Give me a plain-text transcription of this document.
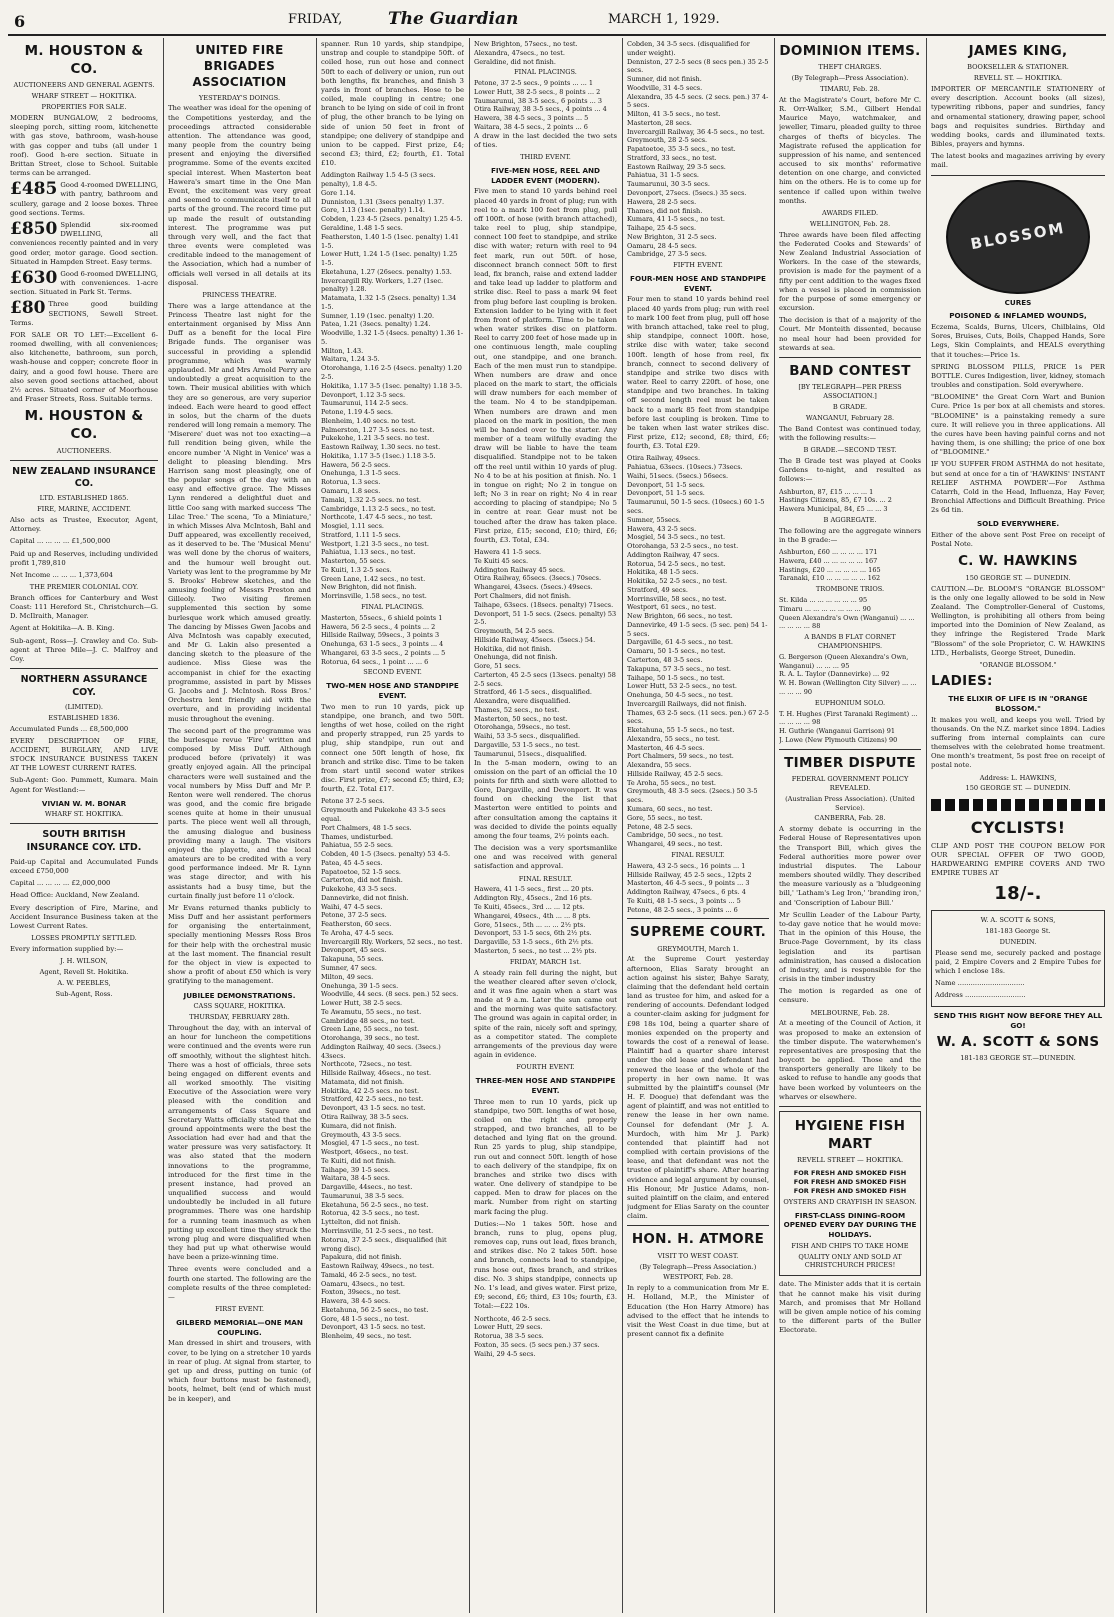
6	FRIDAY,	The Guardian	MARCH 1, 1929.
M. HOUSTON & CO.
AUCTIONEERS AND GENERAL AGENTS.
WHARF STREET — HOKITIKA.
PROPERTIES FOR SALE.

MODERN BUNGALOW, 2 bedrooms, sleeping porch, sitting room, kitchenette with gas stove, bathroom, wash-house with gas copper and tubs (all under 1 roof). Good h-ere section. Situate in Brittan Street, close to School. Suitable terms can be arranged.

£485 Good 4-roomed DWELLING, with pantry, bathroom and scullery, garage and 2 loose boxes. Three good sections. Terms.

£850 Splendid six-roomed DWELLING, all conveniences recently painted and in very good order, motor garage. Good section. Situated in Hampden Street. Easy terms.

£630 Good 6-roomed DWELLING, with conveniences. 1-acre section. Situated in Park St. Terms.

£80 Three good building SECTIONS, Sewell Street. Terms.

FOR SALE OR TO LET:—Excellent 6-roomed dwelling, with all conveniences; also kitchenette, bathroom, sun porch, wash-house and copper; concrete floor in dairy, and a good fowl house. There are also seven good sections attached, about 2½ acres. Situated corner of Moorhouse and Fraser Streets, Ross. Suitable terms.

M. HOUSTON & CO.
AUCTIONEERS.
NEW ZEALAND INSURANCE CO.
LTD. ESTABLISHED 1865.
FIRE, MARINE, ACCIDENT.

Also acts as Trustee, Executor, Agent, Attorney.

Capital ... ... ... ... £1,500,000

Paid up and Reserves, including undivided profit 1,789,810

Net Income ... ... ... 1,373,604

THE PREMIER COLONIAL COY.

Branch offices for Canterbury and West Coast: 111 Hereford St., Christchurch—G. D. McIlraith, Manager.

Agent at Hokitika—A. B. King.

Sub-agent, Ross—J. Crawley and Co. Sub-agent at Three Mile—J. C. Malfroy and Coy.

NORTHERN ASSURANCE COY.
(LIMITED).
ESTABLISHED 1836.

Accumulated Funds ... £8,500,000

EVERY DESCRIPTION OF FIRE, ACCIDENT, BURGLARY, AND LIVE STOCK INSURANCE BUSINESS TAKEN AT THE LOWEST CURRENT RATES.

Sub-Agent: Goo. Pummett, Kumara. Main Agent for Westland:—

VIVIAN W. M. BONAR
WHARF ST. HOKITIKA.
SOUTH BRITISH INSURANCE COY. LTD.

Paid-up Capital and Accumulated Funds exceed £750,000

Capital ... ... ... ... £2,000,000

Head Office: Auckland, New Zealand.

Every description of Fire, Marine, and Accident Insurance Business taken at the Lowest Current Rates.

LOSSES PROMPTLY SETTLED.

Every information supplied by:—

J. H. WILSON,
Agent, Revell St. Hokitika.
A. W. PEEBLES,
Sub-Agent, Ross.
UNITED FIRE BRIGADES ASSOCIATION
YESTERDAY'S DOINGS.

The weather was ideal for the opening of the Competitions yesterday, and the proceedings attracted considerable attention. The attendance was good, many people from the country being present and enjoying the diversified programme. Some of the events excited special interest. When Masterton beat Hawera's smart time in the One Man Event, the excitement was very great and seemed to communicate itself to all parts of the ground. The record time put up made the result of outstanding interest. The programme was put through very well, and the fact that three events were completed was creditable indeed to the management of the Association, which had a number of officials well versed in all details at its disposal.

PRINCESS THEATRE.

There was a large attendance at the Princess Theatre last night for the entertainment organised by Miss Ann Duff as a benefit for the local Fire Brigade funds. The organiser was successful in providing a splendid programme, which was warmly applauded. Mr and Mrs Arnold Perry are undoubtedly a great acquisition to the town. Their musical abilities with which they are so generous, are very superior indeed. Each were heard to good effect in solos, but the charm of the duets rendered will long remain a memory. The 'Miserere' duet was not too exacting—a full rendition being given, while the encore number 'A Night in Venice' was a delight to pleasing blending. Mrs Harrison sang most pleasingly, one of the popular songs of the day with an easy and effective grace. The Misses Lynn rendered a delightful duet and little Coo sang with marked success 'The Lilac Tree.' The scena, 'To a Miniature,' in which Misses Alva McIntosh, Bahl and Duff appeared, was excellently received, as it deserved to be. The 'Musical Menu' was well done by the chorus of waiters, and the humour well brought out. Variety was lent to the programme by Mr S. Brooks' Hebrew sketches, and the amusing fooling of Messrs Preston and Gilleoly. Two visiting firemen supplemented this section by some burlesque work which amused greatly. The dancing by Misses Gwen Jacobs and Alva McIntosh was capably executed, and Mr G. Lakin also presented a dancing sketch to the pleasure of the audience. Miss Giese was the accompanist in chief for the exacting programme, assisted in part by Misses G. Jacobs and J. McIntosh. Ross Bros.' Orchestra lent friendly aid with the overture, and in providing incidental music throughout the evening.

The second part of the programme was the burlesque revue 'Fire' written and composed by Miss Duff. Although produced before (privately) it was greatly enjoyed again. All the principal characters were well sustained and the vocal numbers by Miss Duff and Mr P. Renton were well rendered. The chorus was good, and the comic fire brigade scenes quite at home in their unusual parts. The piece went well all through, the amusing dialogue and business providing many a laugh. The visitors enjoyed the playette, and the local amateurs are to be credited with a very good performance indeed. Mr R. Lynn was stage director, and with his assistants had a busy time, but the curtain finally just before 11 o'clock.

Mr Evans returned thanks publicly to Miss Duff and her assistant performers for organising the entertainment, specially mentioning Messrs Ross Bros for their help with the orchestral music at the last moment. The financial result for the object in view is expected to show a profit of about £50 which is very gratifying to the management.

JUBILEE DEMONSTRATIONS.
CASS SQUARE, HOKITIKA.
THURSDAY, FEBRUARY 28th.

Throughout the day, with an interval of an hour for luncheon the competitions were continued and the events were run off smoothly, without the slightest hitch. There was a host of officials, three sets being engaged on different events and all worked smoothly. The visiting Executive of the Association were very pleased with the condition and arrangements of Cass Square and Secretary Watts officially stated that the ground appointments were the best the Association had ever had and that the water pressure was very satisfactory. It was also stated that the modern innovations to the programme, introduced for the first time in the present instance, had proved an unqualified success and would undoubtedly be included in all future programmes. There was one hardship for a running team inasmuch as when putting up excellent time they struck the wrong plug and were disqualified when they had put up what otherwise would have been a prize-winning time.

Three events were concluded and a fourth one started. The following are the complete results of the three completed:—

FIRST EVENT.
GILBERD MEMORIAL—ONE MAN COUPLING.

Man dressed in shirt and trousers, with cover, to be lying on a stretcher 10 yards in rear of plug. At signal from starter, to get up and dress, putting on tunic (of which four buttons must be fastened), boots, helmet, belt (end of which must be in keeper), and

spanner. Run 10 yards, ship standpipe, unstrap and couple to standpipe 50ft. of coiled hose, run out hose and connect 50ft to each of delivery or union, run out both lengths, fix branches, and finish 3 yards in front of branches. Hose to be coiled, male coupling in centre; one branch to be lying on side of coil in front of plug, the other branch to be lying on side of union 50 feet in front of standpipe; one delivery of standpipe and union to be capped. First prize, £4; second £3; third, £2; fourth, £1. Total £10.

Addington Railway 1.5 4-5 (3 secs. penalty), 1.8 4-5.
Gore 1.14.
Dunniston, 1.31 (3secs penalty) 1.37.
Gore, 1.13 (1sec. penalty) 1.14.
Cobden, 1.23 4-5 (2secs. penalty) 1.25 4-5.
Geraldine, 1.48 1-5 secs.
Featherston, 1.40 1-5 (1sec. penalty) 1.41 1-5.
Lower Hutt, 1.24 1-5 (1sec. penalty) 1.25 1-5.
Eketahuna, 1.27 (26secs. penalty) 1.53.
Invercargill Rly. Workers, 1.27 (1sec. penalty) 1.28.
Matamata, 1.32 1-5 (2secs. penalty) 1.34 1-5.
Sumner, 1.19 (1sec. penalty) 1.20.
Patea, 1.21 (3secs. penalty) 1.24.
Woodville, 1.32 1-5 (4secs. penalty) 1.36 1-5.
Milton, 1.43.
Waitara, 1.24 3-5.
Otorohanga, 1.16 2-5 (4secs. penalty) 1.20 2-5.
Hokitika, 1.17 3-5 (1sec. penalty) 1.18 3-5.
Devonport, 1.12 3-5 secs.
Taumarunui, 114 2-5 secs.
Petone, 1.19 4-5 secs.
Blenheim, 1.40 secs. no test.
Palmerston, 1.27 3-5 secs. no test.
Pukekohe, 1.21 3-5 secs. no test.
Eastown Railway, 1.30 secs. no test.
Hokitika, 1.17 3-5 (1sec.) 1.18 3-5.
Hawera, 56 2-5 secs.
Onehunga, 1.3 1-5 secs.
Rotorua, 1.3 secs.
Oamaru, 1.8 secs.
Tamaki, 1.32 2-5 secs. no test.
Cambridge, 1.13 2-5 secs., no test.
Northcote, 1.47 4-5 secs., no test.
Mosgiel, 1.11 secs.
Stratford, 1.11 1-5 secs.
Westport, 1.21 3-5 secs., no test.
Pahiatua, 1.13 secs., no test.
Masterton, 55 secs.
Te Kuiti, 1.3 2-5 secs.
Green Lane, 1.42 secs., no test.
New Brighton, did not finish.
Morrinsville, 1.58 secs., no test.
FINAL PLACINGS.
Masterton, 55secs., 6 shield points 1
Hawera, 56 2-5 secs., 4 points ... 2
Hillside Railway, 59secs., 3 points 3
Onehunga, 63 1-5 secs., 3 points ... 4
Whangarei, 63 3-5 secs., 2 points ... 5
Rotorua, 64 secs., 1 point ... ... 6
SECOND EVENT.
TWO-MEN HOSE AND STANDPIPE EVENT.

Two men to run 10 yards, pick up standpipe, one branch, and two 50ft. lengths of wet hose, coiled on the right and properly strapped, run 25 yards to plug, ship standpipe, run out and connect one 50ft length of hose, fix branch and strike disc. Time to be taken from start until second water strikes disc. First prize, £7; second £5; third, £3; fourth, £2. Total £17.

Petone 37 2-5 secs.
Greymouth and Pukekohe 43 3-5 secs equal.
Port Chalmers, 48 1-5 secs.
Thames, undisturbed.
Pahiatua, 55 2-5 secs.
Cobden, 40 1-5 (3secs. penalty) 53 4-5.
Patea, 45 4-5 secs.
Papatoetoe, 52 1-5 secs.
Carterton, did not finish.
Pukekohe, 43 3-5 secs.
Dannevirke, did not finish.
Waihi, 47 4-5 secs.
Petone, 37 2-5 secs.
Featherston, 60 secs.
Te Aroha, 47 4-5 secs.
Invercargill Rly. Workers, 52 secs., no test.
Devonport, 45 secs.
Takapuna, 55 secs.
Sumner, 47 secs.
Milton, 49 secs.
Onehunga, 39 1-5 secs.
Woodville, 44 secs. (8 secs. pen.) 52 secs.
Lower Hutt, 38 2-5 secs.
Te Awamutu, 55 secs., no test.
Cambridge 48 secs., no test.
Green Lane, 55 secs., no test.
Otorohanga, 39 secs., no test.
Addington Railway, 40 secs. (3secs.) 43secs.
Northcote, 72secs., no test.
Hillside Railway, 46secs., no test.
Matamata, did not finish.
Hokitika, 42 2-5 secs. no test.
Stratford, 42 2-5 secs., no test.
Devonport, 43 1-5 secs. no test.
Otira Railway, 38 3-5 secs.
Kumara, did not finish.
Greymouth, 43 3-5 secs.
Mosgiel, 47 1-5 secs., no test.
Westport, 46secs., no test.
Te Kuiti, did not finish.
Taihape, 39 1-5 secs.
Waitara, 38 4-5 secs.
Dargaville, 44secs., no test.
Taumarunui, 38 3-5 secs.
Eketahuna, 56 2-5 secs., no test.
Rotorua, 42 3-5 secs., no test.
Lyttelton, did not finish.
Morrinsville, 51 2-5 secs., no test.
Rotorua, 37 2-5 secs., disqualified (hit wrong disc).
Papakura, did not finish.
Eastown Railway, 49secs., no test.
Tamaki, 46 2-5 secs., no test.
Oamaru, 43secs., no test.
Foxton, 39secs., no test.
Hawera, 38 4-5 secs.
Eketahuna, 56 2-5 secs., no test.
Gore, 48 1-5 secs., no test.
Devonport, 43 1-5 secs. no test.
Blenheim, 49 secs., no test.
New Brighton, 57secs., no test.
Alexandra, 47secs., no test.
Geraldine, did not finish.
FINAL PLACINGS.
Petone, 37 2-5 secs., 9 points ... ... 1
Lower Hutt, 38 2-5 secs., 8 points ... 2
Taumarunui, 38 3-5 secs., 6 points ... 3
Otira Railway, 38 3-5 secs., 4 points ... 4
Hawera, 38 4-5 secs., 3 points ... 5
Waitara, 38 4-5 secs., 2 points ... 6

A draw in the last decided the two sets of ties.

THIRD EVENT.
FIVE-MEN HOSE, REEL AND LADDER EVENT (MODERN).

Five men to stand 10 yards behind reel placed 40 yards in front of plug; run with reel to a mark 100 feet from plug, pull off 100ft. of hose (with branch attached), take reel to plug, ship standpipe, connect 100 feet to standpipe, and strike disc with water; return with reel to 94 feet mark, run out 50ft. of hose, disconnect branch connect 50ft to first lead, fix branch, raise and extend ladder and take lead up ladder to platform and strike disc. Reel to pass a mark 94 feet from plug before last coupling is broken. Extension ladder to be lying with it feet from front of platform. Time to be taken when water strikes disc on platform. Reel to carry 200 feet of hose made up in one continuous length, male coupling out, one standpipe, and one branch. Each of the men must run to standpipe. When numbers are draw and once placed on the mark to start, the officials will draw numbers for each member of the team. No 4 to be standpipeman. When numbers are drawn and men placed on the mark in position, the men will be handed over to the starter. Any member of a team wilfully evading the draw will be liable to have the team disqualified. Standpipe not to be taken off the reel until within 10 yards of plug. No 4 to be at his position at finish. No. 1 in tongue on right; No 2 in tongue on left; No 3 in rear on right; No 4 in rear according to placing of standpipe; No 5 in centre at rear. Gear must not be touched after the draw has taken place. First prize, £15; second, £10; third, £6; fourth, £3. Total, £34.

Hawera 41 1-5 secs.
Te Kuiti 45 secs.
Addington Railway 45 secs.
Otira Railway, 65secs. (3secs.) 70secs.
Whangarei, 43secs. (5secs.) 49secs.
Port Chalmers, did not finish.
Taihape, 63secs. (18secs. penalty) 71secs.
Devonport, 51 1-5 secs. (2secs. penalty) 53 2-5.
Greymouth, 54 2-5 secs.
Hillside Railway, 45secs. (5secs.) 54.
Hokitika, did not finish.
Onehunga, did not finish.
Gore, 51 secs.
Carterton, 45 2-5 secs (13secs. penalty) 58 2-5 secs.
Stratford, 46 1-5 secs., disqualified.
Alexandra, were disqualified.
Thames, 52 secs., no test.
Masterton, 50 secs., no test.
Otorohanga, 59secs., no test.
Waihi, 53 3-5 secs., disqualified.
Dargaville, 53 1-5 secs., no test.
Taumarunui, 51secs., disqualified.

In the 5-man modern, owing to an omission on the part of an official the 10 points for fifth and sixth were allotted to Gore, Dargaville, and Devonport. It was found on checking the list that Masterton were entitled to points and after consultation among the captains it was decided to divide the points equally among the four teams, 2½ points each.

The decision was a very sportsmanlike one and was received with general satisfaction and approval.

FINAL RESULT.
Hawera, 41 1-5 secs., first ... 20 pts.
Addington Rly., 45secs., 2nd 16 pts.
Te Kuiti, 45secs., 3rd ... ... 12 pts.
Whangarei, 49secs., 4th ... ... 8 pts.
Gore, 51secs., 5th ... ... ... 2½ pts.
Devonport, 53 1-5 secs, 6th 2½ pts.
Dargaville, 53 1-5 secs., 6th 2½ pts.
Masterton, 5 secs., no test ... 2½ pts.
FRIDAY, MARCH 1st.

A steady rain fell during the night, but the weather cleared after seven o'clock, and it was fine again when a start was made at 9 a.m. Later the sun came out and the morning was quite satisfactory. The ground was again in capital order, in spite of the rain, nicely soft and springy, as a competitor stated. The complete arrangements of the previous day were again in evidence.

FOURTH EVENT.
THREE-MEN HOSE AND STANDPIPE EVENT.

Three men to run 10 yards, pick up standpipe, two 50ft. lengths of wet hose, coiled on the right and properly strapped, and two branches, all to be detached and lying flat on the ground. Run 25 yards to plug, ship standpipe, run out and connect 50ft. length of hose to each delivery of the standpipe, fix on branches and strike two discs with water. One delivery of standpipe to be capped. Men to draw for places on the mark. Number from right on starting mark facing the plug.

Duties:—No 1 takes 50ft. hose and branch, runs to plug, opens plug, removes cap, runs out lead, fixes branch, and strikes disc. No 2 takes 50ft. hose and branch, connects lead to standpipe, runs hose out, fixes branch, and strikes disc. No. 3 ships standpipe, connects up No. 1's lead, and gives water. First prize, £9; second, £6; third, £3 10s; fourth, £3. Total:—£22 10s.

Northcote, 46 2-5 secs.
Lower Hutt, 29 secs.
Rotorua, 38 3-5 secs.
Foxton, 35 secs. (5 secs pen.) 37 secs.
Waihi, 29 4-5 secs.
Cobden, 34 3-5 secs. (disqualified for under weight).
Denniston, 27 2-5 secs (8 secs pen.) 35 2-5 secs.
Sumner, did not finish.
Woodville, 31 4-5 secs.
Alexandra, 35 4-5 secs. (2 secs. pen.) 37 4-5 secs.
Milton, 41 3-5 secs., no test.
Masterton, 28 secs.
Invercargill Railway, 36 4-5 secs., no test.
Greymouth, 28 2-5 secs.
Papatoetoe, 35 3-5 secs., no test.
Stratford, 33 secs., no test.
Eastown Railway, 29 3-5 secs.
Pahiatua, 31 1-5 secs.
Taumarunui, 30 3-5 secs.
Devonport, 27secs. (5secs.) 35 secs.
Hawera, 28 2-5 secs.
Thames, did not finish.
Kumara, 41 1-5 secs., no test.
Taihape, 25 4-5 secs.
New Brighton, 31 2-5 secs.
Oamaru, 28 4-5 secs.
Cambridge, 27 3-5 secs.
FIFTH EVENT.
FOUR-MEN HOSE AND STANDPIPE EVENT.

Four men to stand 10 yards behind reel placed 40 yards from plug; run with reel to mark 100 feet from plug, pull off hose with branch attached, take reel to plug, ship standpipe, connect 100ft. hose, strike disc with water, take second 100ft. length of hose from reel, fix branch, connect to second delivery of standpipe and strike two discs with water. Reel to carry 220ft. of hose, one standpipe and two branches. In taking off second length reel must be taken back to a mark 85 feet from standpipe before last coupling is broken. Time to be taken when last water strikes disc. First prize, £12; second, £8; third, £6; fourth, £3. Total £29.

Otira Railway, 49secs.
Pahiatua, 63secs. (10secs.) 73secs.
Waihi, 51secs. (5secs.) 56secs.
Devonport, 51 1-5 secs.
Devonport, 51 1-5 secs.
Taumarunui, 50 1-5 secs. (10secs.) 60 1-5 secs.
Sumner, 55secs.
Hawera, 43 2-5 secs.
Mosgiel, 54 3-5 secs., no test.
Otorohanga, 53 2-5 secs., no test.
Addington Railway, 47 secs.
Rotorua, 54 2-5 secs., no test.
Hokitika, 48 1-5 secs.
Hokitika, 52 2-5 secs., no test.
Stratford, 49 secs.
Morrinsville, 58 secs., no test.
Westport, 61 secs., no test.
New Brighton, 66 secs., no test.
Dannevirke, 49 1-5 secs. (5 sec. pen) 54 1-5 secs.
Dargaville, 61 4-5 secs., no test.
Oamaru, 50 1-5 secs., no test.
Carterton, 48 3-5 secs.
Takapuna, 57 3-5 secs., no test.
Taihape, 50 1-5 secs., no test.
Lower Hutt, 53 2-5 secs., no test.
Onehunga, 50 4-5 secs., no test.
Invercargill Railways, did not finish.
Thames, 63 2-5 secs. (11 secs. pen.) 67 2-5 secs.
Eketahuna, 55 1-5 secs., no test.
Alexandra, 55 secs., no test.
Masterton, 46 4-5 secs.
Port Chalmers, 59 secs., no test.
Alexandra, 55 secs.
Hillside Railway, 45 2-5 secs.
Te Aroha, 55 secs., no test.
Greymouth, 48 3-5 secs. (2secs.) 50 3-5 secs.
Kumara, 60 secs., no test.
Gore, 55 secs., no test.
Petone, 48 2-5 secs.
Cambridge, 50 secs., no test.
Whangarei, 49 secs., no test.
FINAL RESULT.
Hawera, 43 2-5 secs., 16 points ... 1
Hillside Railway, 45 2-5 secs., 12pts 2
Masterton, 46 4-5 secs., 9 points ... 3
Addington Railway, 47secs., 6 pts. 4
Te Kuiti, 48 1-5 secs., 3 points ... 5
Petone, 48 2-5 secs., 3 points ... 6
SUPREME COURT.
GREYMOUTH, March 1.

At the Supreme Court yesterday afternoon, Elias Saraty brought an action against his sister, Bahye Saraty, claiming that the defendant held certain land as trustee for him, and asked for a rendering of accounts. Defendant lodged a counter-claim asking for judgment for £98 18s 10d, being a quarter share of monies expended on the property and towards the cost of a renewal of lease. Plaintiff had a quarter share interest under the old lease and defendant had renewed the lease of the whole of the property in her own name. It was submitted by the plaintiff's counsel (Mr H. F. Doogue) that defendant was the agent of plaintiff, and was not entitled to renew the lease in her own name. Counsel for defendant (Mr J. A. Murdoch, with him Mr J. Park) contended that plaintiff had not complied with certain provisions of the lease, and that defendant was not the trustee of plaintiff's share. After hearing evidence and legal argument by counsel, His Honour, Mr Justice Adams, non-suited plaintiff on the claim, and entered judgment for Elias Saraty on the counter claim.

HON. H. ATMORE
VISIT TO WEST COAST.
(By Telegraph—Press Association.)
WESTPORT, Feb. 28.

In reply to a communication from Mr E. H. Holland, M.P., the Minister of Education (the Hon Harry Atmore) has advised to the effect that he intends to visit the West Coast in due time, but at present cannot fix a definite

DOMINION ITEMS.
THEFT CHARGES.
(By Telegraph—Press Association).
TIMARU, Feb. 28.

At the Magistrate's Court, before Mr C. R. Orr-Walker, S.M., Gilbert Hendal Maurice Mayo, watchmaker, and jeweller, Timaru, pleaded guilty to three charges of thefts of bicycles. The Magistrate refused the application for suppression of his name, and sentenced accused to six months' reformative detention on one charge, and convicted him on the others. He is to come up for sentence if called upon within twelve months.

AWARDS FILED.
WELLINGTON, Feb. 28.

Three awards have been filed affecting the Federated Cooks and Stewards' of New Zealand Industrial Association of Workers. In the case of the stewards, provision is made for the payment of a fifty per cent addition to the wages fixed when a vessel is placed in commission for the purpose of some emergency or excursion.

The decision is that of a majority of the Court. Mr Monteith dissented, because no meal hour had been provided for stewards at sea.

BAND CONTEST
[BY TELEGRAPH—PER PRESS ASSOCIATION.]
B GRADE.
WANGANUI, February 28.

The Band Contest was continued today, with the following results:—

B GRADE.—SECOND TEST.

The B Grade test was played at Cooks Gardens to-night, and resulted as follows:—

Ashburton, 87, £15 ... ... ... 1
Hastings Citizens, 85, £7 10s. ... 2
Hawera Municipal, 84, £5 ... ... 3
B AGGREGATE.

The following are the aggregate winners in the B grade:—

Ashburton, £60 ... ... ... ... 171
Hawera, £40 ... ... ... ... ... 167
Hastings, £20 ... ... ... ... ... 165
Taranaki, £10 ... ... ... ... ... 162
TROMBONE TRIOS.
St. Kilda ... ... ... ... ... ... 95
Timaru ... ... ... ... ... ... ... 90
Queen Alexandra's Own (Wanganui) ... ... ... ... ... ... 88
A BANDS B FLAT CORNET CHAMPIONSHIPS.
G. Bergerson (Queen Alexandra's Own, Wanganui) ... ... ... 95
R. A. L. Taylor (Dannevirke) ... 92
W. H. Bowan (Wellington City Silver) ... ... ... ... ... 90
EUPHONIUM SOLO.
T. H. Hughes (First Taranaki Regiment) ... ... ... ... ... 98
H. Guthrie (Wanganui Garrison) 91
J. Lowe (New Plymouth Citizens) 90
TIMBER DISPUTE
FEDERAL GOVERNMENT POLICY REVEALED.
(Australian Press Association). (United Service).
CANBERRA, Feb. 28.

A stormy debate is occurring in the Federal House of Representatives upon the Transport Bill, which gives the Federal authorities more power over industrial disputes. The Labour members shouted wildly. They described the measure variously as a 'bludgeoning bill,' 'Latham's Leg Iron,' 'branding iron,' and 'Conscription of Labour Bill.'

Mr Scullin Leader of the Labour Party, to-day gave notice that he would move: That in the opinion of this House, the Bruce-Page Government, by its class legislation and its partisan administration, has caused a dislocation of industry, and is responsible for the crisis in the timber industry

The motion is regarded as one of censure.

MELBOURNE, Feb. 28.

At a meeting of the Council of Action, it was proposed to make an extension of the timber dispute. The waterwhemen's representatives are prosposing that the boycott be applied. Those and the transporters generally are likely to be asked to refuse to handle any goods that have been worked by volunteers on the wharves or elsewhere.

HYGIENE FISH MART
REVELL STREET — HOKITIKA.
FOR FRESH AND SMOKED FISH
FOR FRESH AND SMOKED FISH
FOR FRESH AND SMOKED FISH
OYSTERS AND CRAYFISH IN SEASON.
FIRST-CLASS DINING-ROOM OPENED EVERY DAY DURING THE HOLIDAYS.
FISH AND CHIPS TO TAKE HOME
QUALITY ONLY AND SOLD AT CHRISTCHURCH PRICES!

date. The Minister adds that it is certain that he cannot make his visit during March, and promises that Mr Holland will be given ample notice of his coming to the different parts of the Buller Electorate.

JAMES KING,
BOOKSELLER & STATIONER.
REVELL ST. — HOKITIKA.

IMPORTER OF MERCANTILE STATIONERY of every description. Account books (all sizes), typewriting ribbons, paper and sundries, fancy and ornamental stationery, drawing paper, school bags and requisites sundries. Birthday and wedding books, cards and illuminated texts. Bibles, prayers and hymns.

The latest books and magazines arriving by every mail.

BLOSSOM
CURES
POISONED & INFLAMED WOUNDS,

Eczema, Scalds, Burns, Ulcers, Chilblains, Old Sores, Bruises, Cuts, Boils, Chapped Hands, Sore Legs, Skin Complaints, and HEALS everything that it touches:—Price 1s.

SPRING BLOSSOM PILLS, PRICE 1s PER BOTTLE. Cures Indigestion, liver, kidney, stomach troubles and constipation. Sold everywhere.

"BLOOMINE" the Great Corn Wart and Bunion Cure. Price 1s per box at all chemists and stores. "BLOOMINE" is a painstaking remedy a sure cure. It will relieve you in three applications. All the cures have been having painful corns and not having them, is one shilling; the price of one box of "BLOOMINE."

IF YOU SUFFER FROM ASTHMA do not hesitate, but send at once for a tin of 'HAWKINS' INSTANT RELIEF ASTHMA POWDER'—For Asthma Catarrh, Cold in the Head, Influenza, Hay Fever, Bronchial Affections and Difficult Breathing. Price 2s 6d tin.

SOLD EVERYWHERE.

Either of the above sent Post Free on receipt of Postal Note.

C. W. HAWKINS
150 GEORGE ST. — DUNEDIN.

CAUTION.—Dr. BLOOM'S "ORANGE BLOSSOM" is the only one legally allowed to be sold in New Zealand. The Comptroller-General of Customs, Wellington, is prohibiting all others from being imported into the Dominion of New Zealand, as they infringe the Registered Trade Mark "Blossom" of the sole Proprietor, C. W. HAWKINS LTD., Herbalists, George Street, Dunedin.

"ORANGE BLOSSOM."
LADIES:
THE ELIXIR OF LIFE IS IN "ORANGE BLOSSOM."

It makes you well, and keeps you well. Tried by thousands. On the N.Z. market since 1894. Ladies suffering from internal complaints can cure themselves with the celebrated home treatment. One month's treatment, 5s post free on receipt of postal note.

Address: L. HAWKINS,
150 GEORGE ST. — DUNEDIN.
CYCLISTS!

CLIP AND POST THE COUPON BELOW FOR OUR SPECIAL OFFER OF TWO GOOD, HARDWEARING EMPIRE COVERS AND TWO EMPIRE TUBES AT

18/-.
W. A. SCOTT & SONS,
181-183 George St.
DUNEDIN.

Please send me, securely packed and postage paid, 2 Empire Covers and 2 Empire Tubes for which I enclose 18s.

Name ...............................

Address ............................

SEND THIS RIGHT NOW BEFORE THEY ALL GO!
W. A. SCOTT & SONS
181-183 GEORGE ST.—DUNEDIN.
